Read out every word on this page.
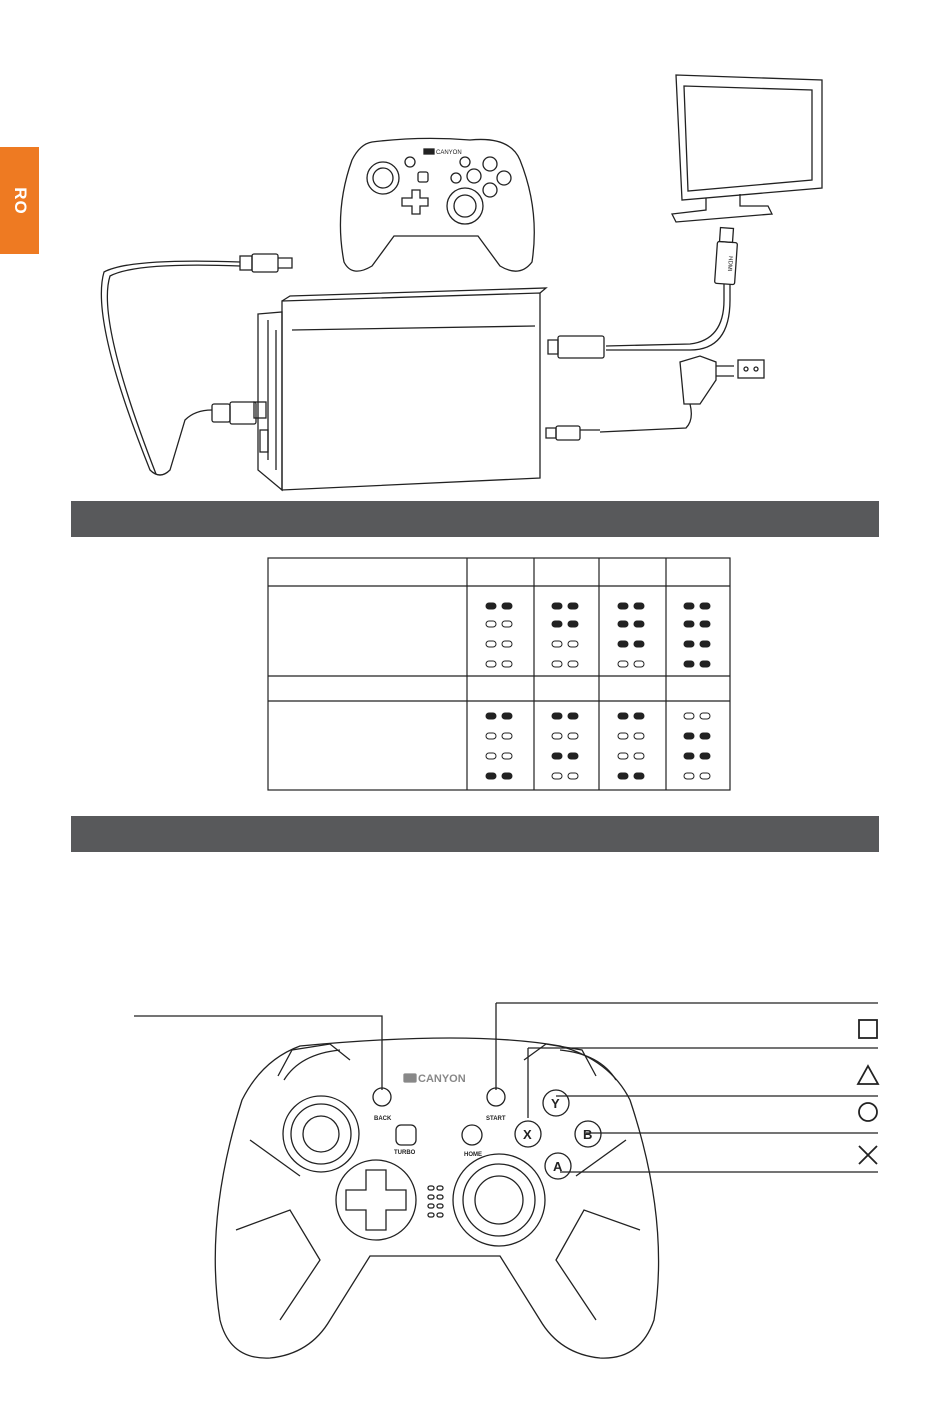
RO
HDMI
CANYON
CANYON
BACK	START
TURBO	HOME
Y
B
A
X
